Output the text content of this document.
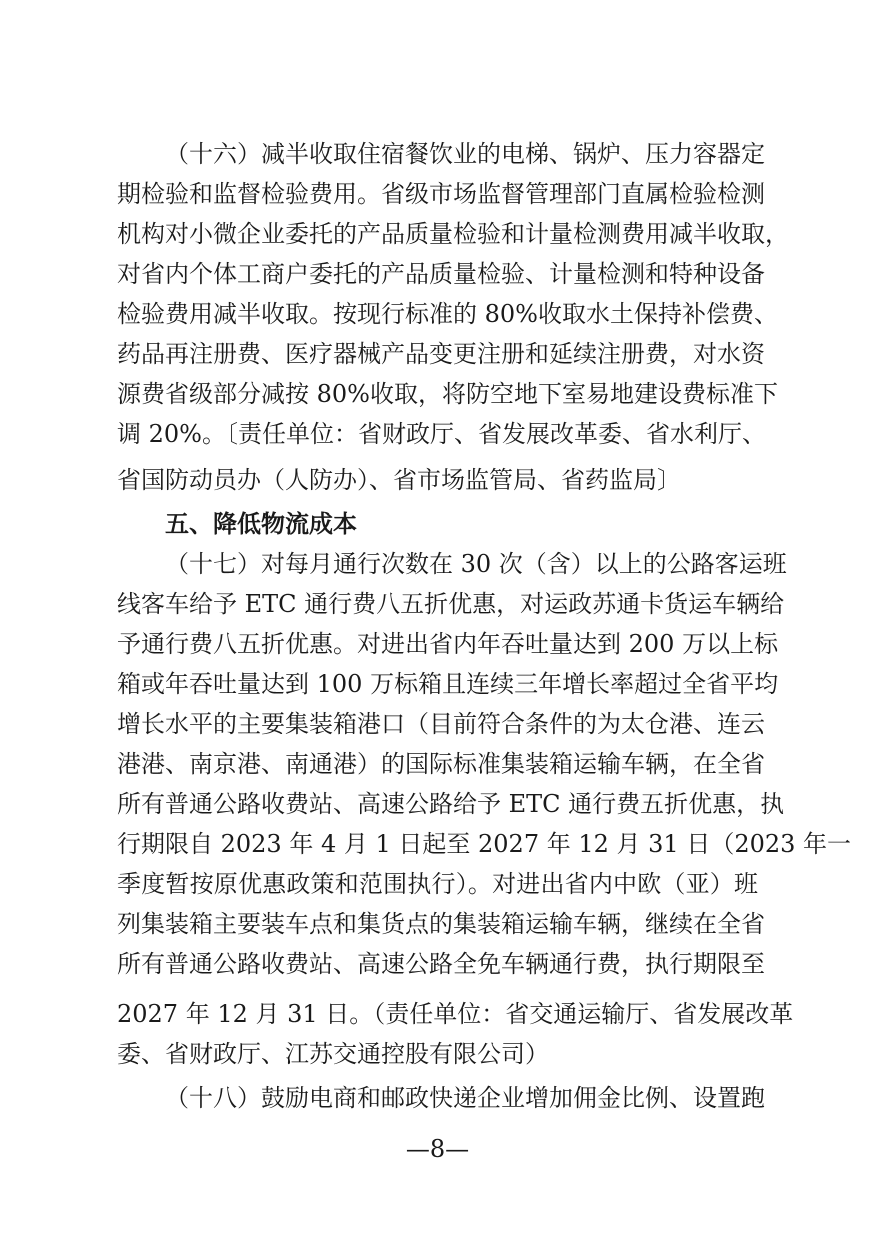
（十六）减半收取住宿餐饮业的电梯、锅炉、压力容器定
期检验和监督检验费用。省级市场监督管理部门直属检验检测
机构对小微企业委托的产品质量检验和计量检测费用减半收取，
对省内个体工商户委托的产品质量检验、计量检测和特种设备
检验费用减半收取。按现行标准的 80%收取水土保持补偿费、
药品再注册费、医疗器械产品变更注册和延续注册费，对水资
源费省级部分减按 80%收取，将防空地下室易地建设费标准下
调 20%。〔责任单位：省财政厅、省发展改革委、省水利厅、
省国防动员办（人防办）、省市场监管局、省药监局〕
五、降低物流成本
（十七）对每月通行次数在 30 次（含）以上的公路客运班
线客车给予 ETC 通行费八五折优惠，对运政苏通卡货运车辆给
予通行费八五折优惠。对进出省内年吞吐量达到 200 万以上标
箱或年吞吐量达到 100 万标箱且连续三年增长率超过全省平均
增长水平的主要集装箱港口（目前符合条件的为太仓港、连云
港港、南京港、南通港）的国际标准集装箱运输车辆，在全省
所有普通公路收费站、高速公路给予 ETC 通行费五折优惠，执
行期限自 2023 年 4 月 1 日起至 2027 年 12 月 31 日（2023 年一
季度暂按原优惠政策和范围执行）。对进出省内中欧（亚）班
列集装箱主要装车点和集货点的集装箱运输车辆，继续在全省
所有普通公路收费站、高速公路全免车辆通行费，执行期限至
2027 年 12 月 31 日。（责任单位：省交通运输厅、省发展改革
委、省财政厅、江苏交通控股有限公司）
（十八）鼓励电商和邮政快递企业增加佣金比例、设置跑
—8—
